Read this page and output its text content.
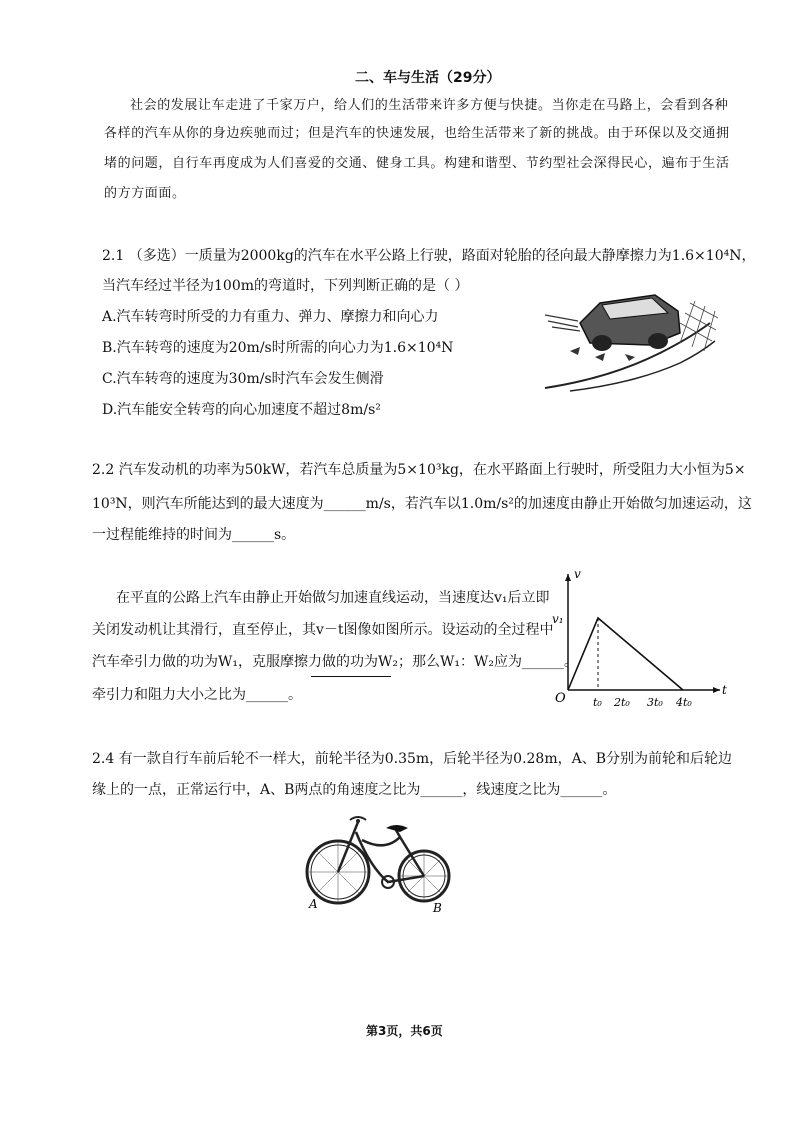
二、车与生活（29分）
社会的发展让车走进了千家万户，给人们的生活带来许多方便与快捷。当你走在马路上，会看到各种
各样的汽车从你的身边疾驰而过；但是汽车的快速发展，也给生活带来了新的挑战。由于环保以及交通拥
堵的问题，自行车再度成为人们喜爱的交通、健身工具。构建和谐型、节约型社会深得民心，遍布于生活
的方方面面。
2.1 （多选）一质量为2000kg的汽车在水平公路上行驶，路面对轮胎的径向最大静摩擦力为1.6×10⁴N，
当汽车经过半径为100m的弯道时，下列判断正确的是（ ）
A.汽车转弯时所受的力有重力、弹力、摩擦力和向心力
B.汽车转弯的速度为20m/s时所需的向心力为1.6×10⁴N
C.汽车转弯的速度为30m/s时汽车会发生侧滑
D.汽车能安全转弯的向心加速度不超过8m/s²
2.2 汽车发动机的功率为50kW，若汽车总质量为5×10³kg，在水平路面上行驶时，所受阻力大小恒为5×
10³N，则汽车所能达到的最大速度为______m/s，若汽车以1.0m/s²的加速度由静止开始做匀加速运动，这
一过程能维持的时间为______s。
在平直的公路上汽车由静止开始做匀加速直线运动，当速度达v₁后立即
关闭发动机让其滑行，直至停止，其v－t图像如图所示。设运动的全过程中
汽车牵引力做的功为W₁，克服摩擦力做的功为W₂；那么W₁：W₂应为______。
牵引力和阻力大小之比为______。
v
t
v₁
O t₀ 2t₀ 3t₀ 4t₀
2.4 有一款自行车前后轮不一样大，前轮半径为0.35m，后轮半径为0.28m，A、B分别为前轮和后轮边
缘上的一点，正常运行中，A、B两点的角速度之比为______，线速度之比为______。
A	B
第3页，共6页
